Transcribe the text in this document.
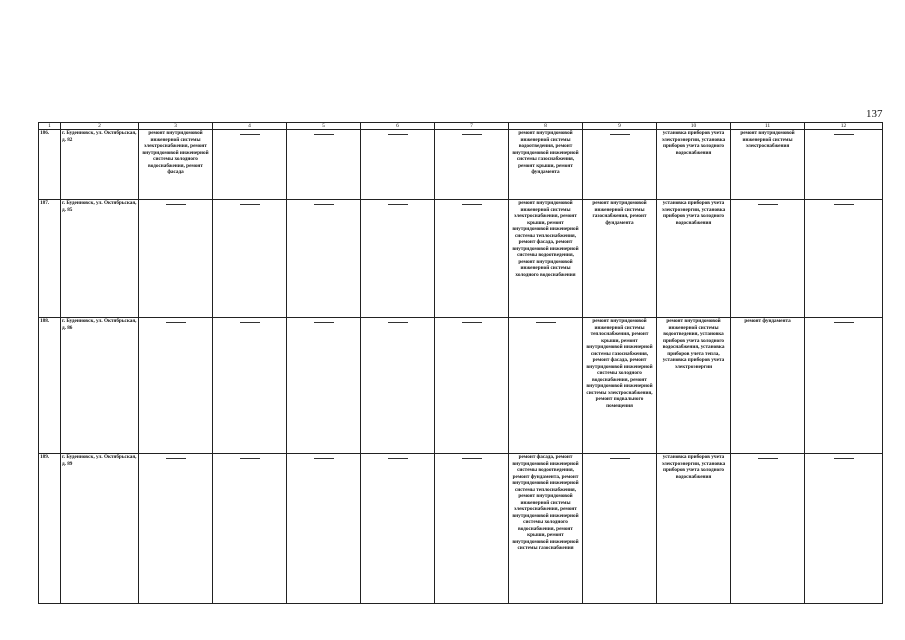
137
1	2	3	4	5	6	7	8	9	10	11	12
186.	г. Буденновск, ул. Октябрьская, д. 82	ремонт внутридомовой инженерной системы электроснабжения, ремонт внутридомовой инженерной системы холодного водоснабжения, ремонт фасада					ремонт внутридомовой инженерной системы водоотведения, ремонт внутридомовой инженерной системы газоснабжения, ремонт крыши, ремонт фундамента		установка приборов учета электроэнергии, установка приборов учета холодного водоснабжения	ремонт внутридомовой инженерной системы электроснабжения	
187.	г. Буденновск, ул. Октябрьская, д. 85						ремонт внутридомовой инженерной системы электроснабжения, ремонт крыши, ремонт внутридомовой инженерной системы теплоснабжения, ремонт фасада, ремонт внутридомовой инженерной системы водоотведения, ремонт внутридомовой инженерной системы холодного водоснабжения	ремонт внутридомовой инженерной системы газоснабжения, ремонт фундамента	установка приборов учета электроэнергии, установка приборов учета холодного водоснабжения		
188.	г. Буденновск, ул. Октябрьская, д. 86							ремонт внутридомовой инженерной системы теплоснабжения, ремонт крыши, ремонт внутридомовой инженерной системы газоснабжения, ремонт фасада, ремонт внутридомовой инженерной системы холодного водоснабжения, ремонт внутридомовой инженерной системы электроснабжения, ремонт подвального помещения	ремонт внутридомовой инженерной системы водоотведения, установка приборов учета холодного водоснабжения, установка приборов учета тепла, установка приборов учета электроэнергии	ремонт фундамента	
189.	г. Буденновск, ул. Октябрьская, д. 89						ремонт фасада, ремонт внутридомовой инженерной системы водоотведения, ремонт фундамента, ремонт внутридомовой инженерной системы теплоснабжения, ремонт внутридомовой инженерной системы электроснабжения, ремонт внутридомовой инженерной системы холодного водоснабжения, ремонт крыши, ремонт внутридомовой инженерной системы газоснабжения		установка приборов учета электроэнергии, установка приборов учета холодного водоснабжения		
